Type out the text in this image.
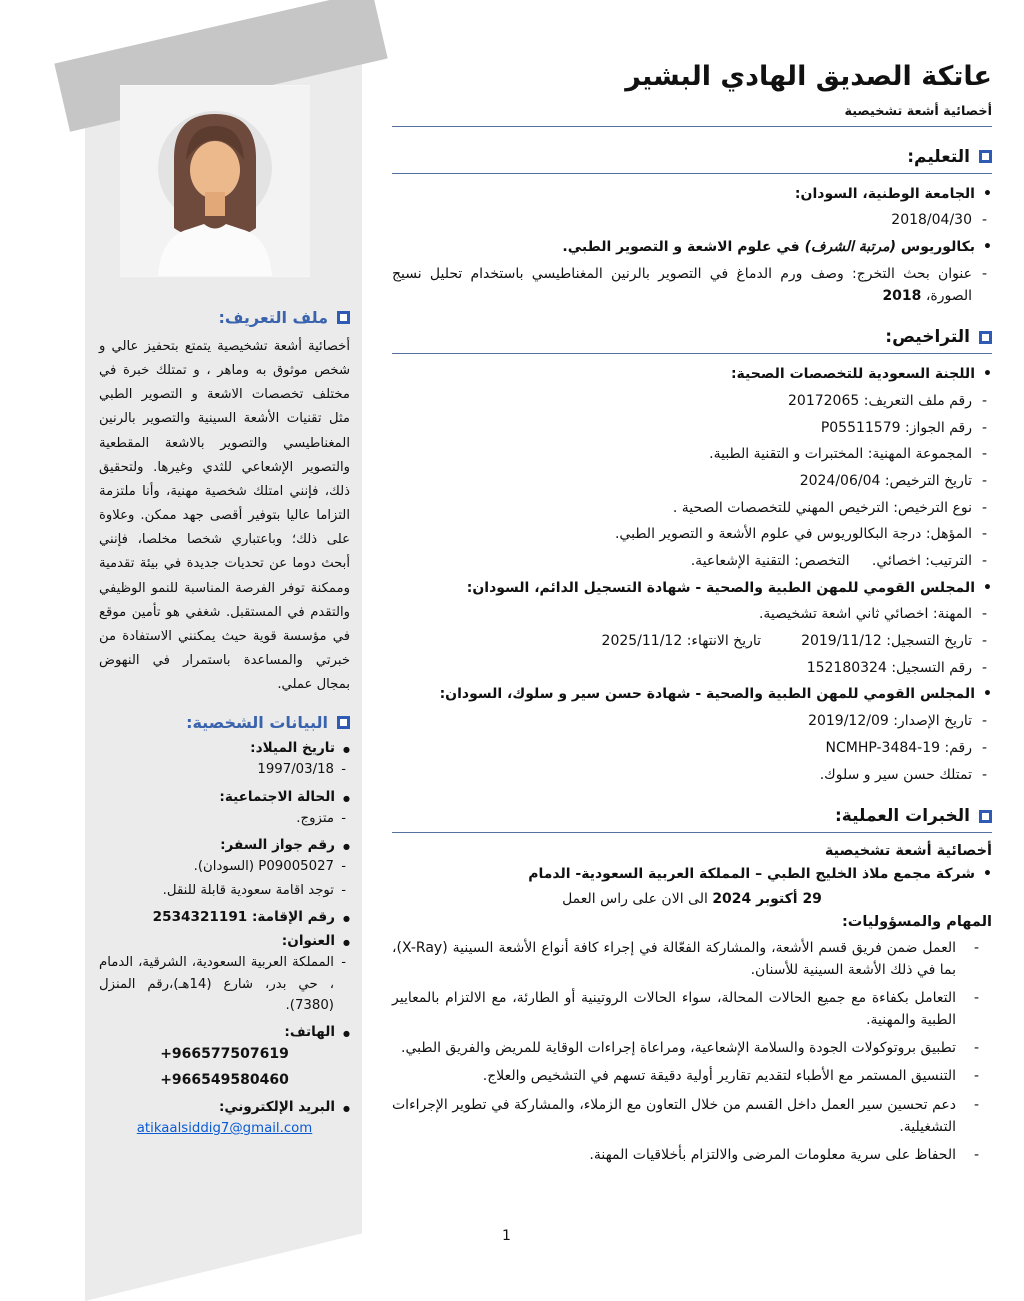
ملف التعريف:

أخصائية أشعة تشخيصية يتمتع بتحفيز عالي و شخص موثوق به وماهر ، و تمتلك خبرة في مختلف تخصصات الاشعة و التصوير الطبي مثل تقنيات الأشعة السينية والتصوير بالرنين المغناطيسي والتصوير بالاشعة المقطعية والتصوير الإشعاعي للثدي وغيرها. ولتحقيق ذلك، فإنني امتلك شخصية مهنية، وأنا ملتزمة التزاما عاليا بتوفير أقصى جهد ممكن. وعلاوة على ذلك؛ وباعتباري شخصا مخلصا، فإنني أبحث دوما عن تحديات جديدة في بيئة تقدمية وممكنة توفر الفرصة المناسبة للنمو الوظيفي والتقدم في المستقبل. شغفي هو تأمين موقع في مؤسسة قوية حيث يمكنني الاستفادة من خبرتي والمساعدة باستمرار في النهوض بمجال عملي.

البيانات الشخصية:
● تاريخ الميلاد:
- 1997/03/18
● الحالة الاجتماعية:
- متزوج.
● رقم جواز السفر:
- P09005027 (السودان).
- توجد اقامة سعودية قابلة للنقل.
● رقم الإقامة: 2534321191
● العنوان:
- المملكة العربية السعودية، الشرقية، الدمام ، حي بدر، شارع (14هـ)،رقم المنزل (7380).
● الهاتف:
+966577507619
+966549580460
● البريد الإلكتروني:
atikaalsiddig7@gmail.com
عاتكة الصديق الهادي البشير
أخصائية أشعة تشخيصية
التعليم:
• الجامعة الوطنية، السودان:
- 2018/04/30
• بكالوريوس (مرتبة الشرف) في علوم الاشعة و التصوير الطبي.
- عنوان بحث التخرج: وصف ورم الدماغ في التصوير بالرنين المغناطيسي باستخدام تحليل نسيج الصورة، 2018
التراخيص:
• اللجنة السعودية للتخصصات الصحية:
- رقم ملف التعريف: 20172065
- رقم الجواز: P05511579
- المجموعة المهنية: المختبرات و التقنية الطبية.
- تاريخ الترخيص: 2024/06/04
- نوع الترخيص: الترخيص المهني للتخصصات الصحية .
- المؤهل: درجة البكالوريوس في علوم الأشعة و التصوير الطبي.
- الترتيب: اخصائي.     التخصص: التقنية الإشعاعية.
• المجلس القومي للمهن الطبية والصحية - شهادة التسجيل الدائم، السودان:
- المهنة: اخصائي ثاني اشعة تشخيصية.
- تاريخ التسجيل: 2019/11/12         تاريخ الانتهاء: 2025/11/12
- رقم التسجيل: 152180324
• المجلس القومي للمهن الطبية والصحية - شهادة حسن سير و سلوك، السودان:
- تاريخ الإصدار: 2019/12/09
- رقم: NCMHP-3484-19
- تمتلك حسن سير و سلوك.
الخبرات العملية:
أخصائية أشعة تشخيصية
• شركة مجمع ملاذ الخليج الطبي – المملكة العربية السعودية- الدمام
29 أكتوبر 2024 الى الان على راس العمل
المهام والمسؤوليات:
- العمل ضمن فريق قسم الأشعة، والمشاركة الفعّالة في إجراء كافة أنواع الأشعة السينية (X-Ray)، بما في ذلك الأشعة السينية للأسنان.
- التعامل بكفاءة مع جميع الحالات المحالة، سواء الحالات الروتينية أو الطارئة، مع الالتزام بالمعايير الطبية والمهنية.
- تطبيق بروتوكولات الجودة والسلامة الإشعاعية، ومراعاة إجراءات الوقاية للمريض والفريق الطبي.
- التنسيق المستمر مع الأطباء لتقديم تقارير أولية دقيقة تسهم في التشخيص والعلاج.
- دعم تحسين سير العمل داخل القسم من خلال التعاون مع الزملاء، والمشاركة في تطوير الإجراءات التشغيلية.
- الحفاظ على سرية معلومات المرضى والالتزام بأخلاقيات المهنة.
1
